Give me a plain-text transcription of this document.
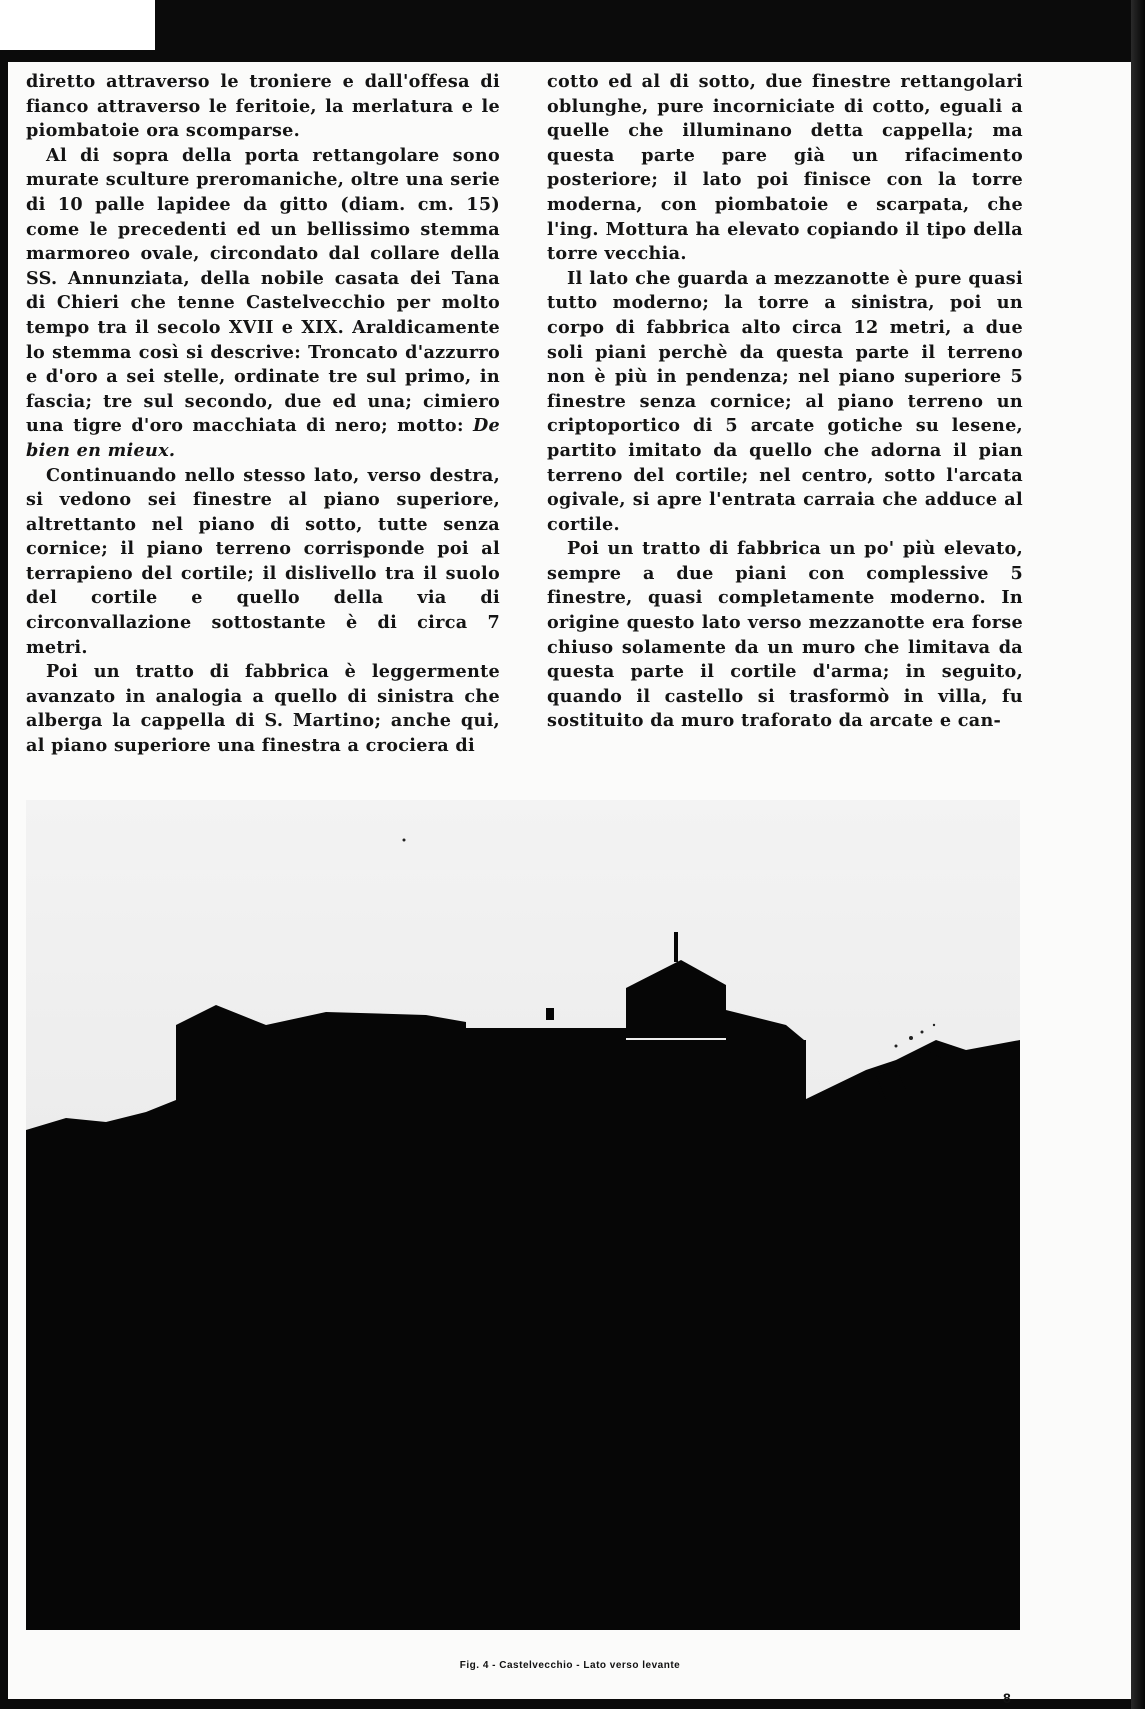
diretto attraverso le troniere e dall'offesa di fianco attraverso le feritoie, la merlatura e le piombatoie ora scomparse.

Al di sopra della porta rettangolare sono murate sculture preromaniche, oltre una serie di 10 palle lapidee da gitto (diam. cm. 15) come le precedenti ed un bellissimo stemma marmoreo ovale, circondato dal collare della SS. Annunziata, della nobile casata dei Tana di Chieri che tenne Castelvecchio per molto tempo tra il secolo XVII e XIX. Araldicamente lo stemma così si descrive: Troncato d'azzurro e d'oro a sei stelle, ordinate tre sul primo, in fascia; tre sul secondo, due ed una; cimiero una tigre d'oro macchiata di nero; motto: De bien en mieux.

Continuando nello stesso lato, verso destra, si vedono sei finestre al piano superiore, altrettanto nel piano di sotto, tutte senza cornice; il piano terreno corrisponde poi al terrapieno del cortile; il dislivello tra il suolo del cortile e quello della via di circonvallazione sottostante è di circa 7 metri.

Poi un tratto di fabbrica è leggermente avanzato in analogia a quello di sinistra che alberga la cappella di S. Martino; anche qui, al piano superiore una finestra a crociera di

cotto ed al di sotto, due finestre rettangolari oblunghe, pure incorniciate di cotto, eguali a quelle che illuminano detta cappella; ma questa parte pare già un rifacimento posteriore; il lato poi finisce con la torre moderna, con piombatoie e scarpata, che l'ing. Mottura ha elevato copiando il tipo della torre vecchia.

Il lato che guarda a mezzanotte è pure quasi tutto moderno; la torre a sinistra, poi un corpo di fabbrica alto circa 12 metri, a due soli piani perchè da questa parte il terreno non è più in pendenza; nel piano superiore 5 finestre senza cornice; al piano terreno un criptoportico di 5 arcate gotiche su lesene, partito imitato da quello che adorna il pian terreno del cortile; nel centro, sotto l'arcata ogivale, si apre l'entrata carraia che adduce al cortile.

Poi un tratto di fabbrica un po' più elevato, sempre a due piani con complessive 5 finestre, quasi completamente moderno. In origine questo lato verso mezzanotte era forse chiuso solamente da un muro che limitava da questa parte il cortile d'arma; in seguito, quando il castello si trasformò in villa, fu sostituito da muro traforato da arcate e can-

Fig. 4 - Castelvecchio - Lato verso levante
8
